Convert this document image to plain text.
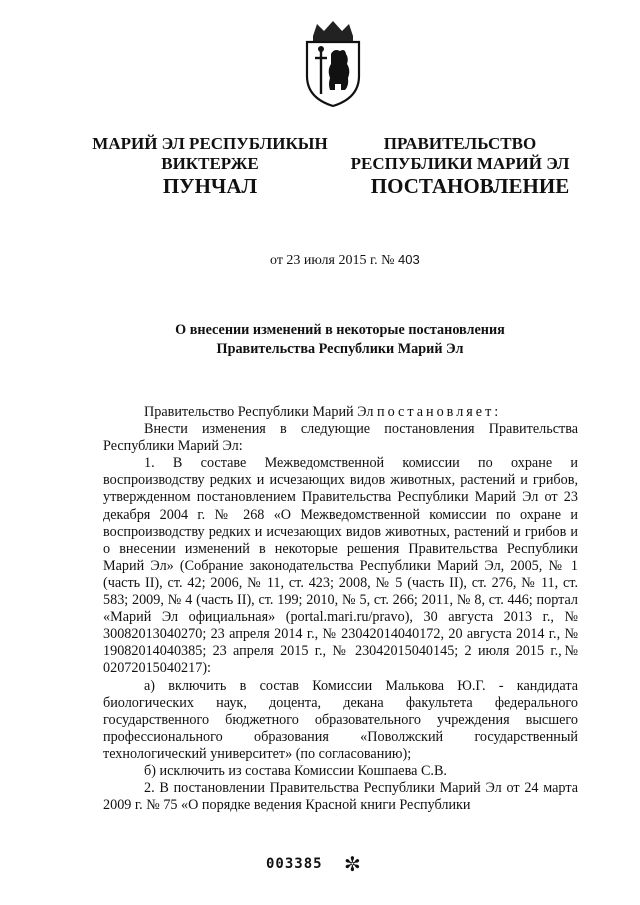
МАРИЙ ЭЛ РЕСПУБЛИКЫН
ВИКТЕРЖЕ
ПРАВИТЕЛЬСТВО
РЕСПУБЛИКИ МАРИЙ ЭЛ
ПУНЧАЛ	ПОСТАНОВЛЕНИЕ
от 23 июля 2015 г. № 403
О внесении изменений в некоторые постановления
Правительства Республики Марий Эл

Правительство Республики Марий Эл постановляет:

Внести изменения в следующие постановления Правительства Республики Марий Эл:

1. В составе Межведомственной комиссии по охране и воспроизводству редких и исчезающих видов животных, растений и грибов, утвержденном постановлением Правительства Республики Марий Эл от 23 декабря 2004 г. № 268 «О Межведомственной комиссии по охране и воспроизводству редких и исчезающих видов животных, растений и грибов и о внесении изменений в некоторые решения Правительства Республики Марий Эл» (Собрание законодательства Республики Марий Эл, 2005, № 1 (часть II), ст. 42; 2006, № 11, ст. 423; 2008, № 5 (часть II), ст. 276, № 11, ст. 583; 2009, № 4 (часть II), ст. 199; 2010, № 5, ст. 266; 2011, № 8, ст. 446; портал «Марий Эл официальная» (portal.mari.ru/pravo), 30 августа 2013 г., № 30082013040270; 23 апреля 2014 г., № 23042014040172, 20 августа 2014 г., № 19082014040385; 23 апреля 2015 г., № 23042015040145; 2 июля 2015 г.,№ 02072015040217):

а) включить в состав Комиссии Малькова Ю.Г. - кандидата биологических наук, доцента, декана факультета федерального государственного бюджетного образовательного учреждения высшего профессионального образования «Поволжский государственный технологический университет» (по согласованию);

б) исключить из состава Комиссии Кошпаева С.В.

2. В постановлении Правительства Республики Марий Эл от 24 марта 2009 г. № 75 «О порядке ведения Красной книги Республики

003385 ✼
